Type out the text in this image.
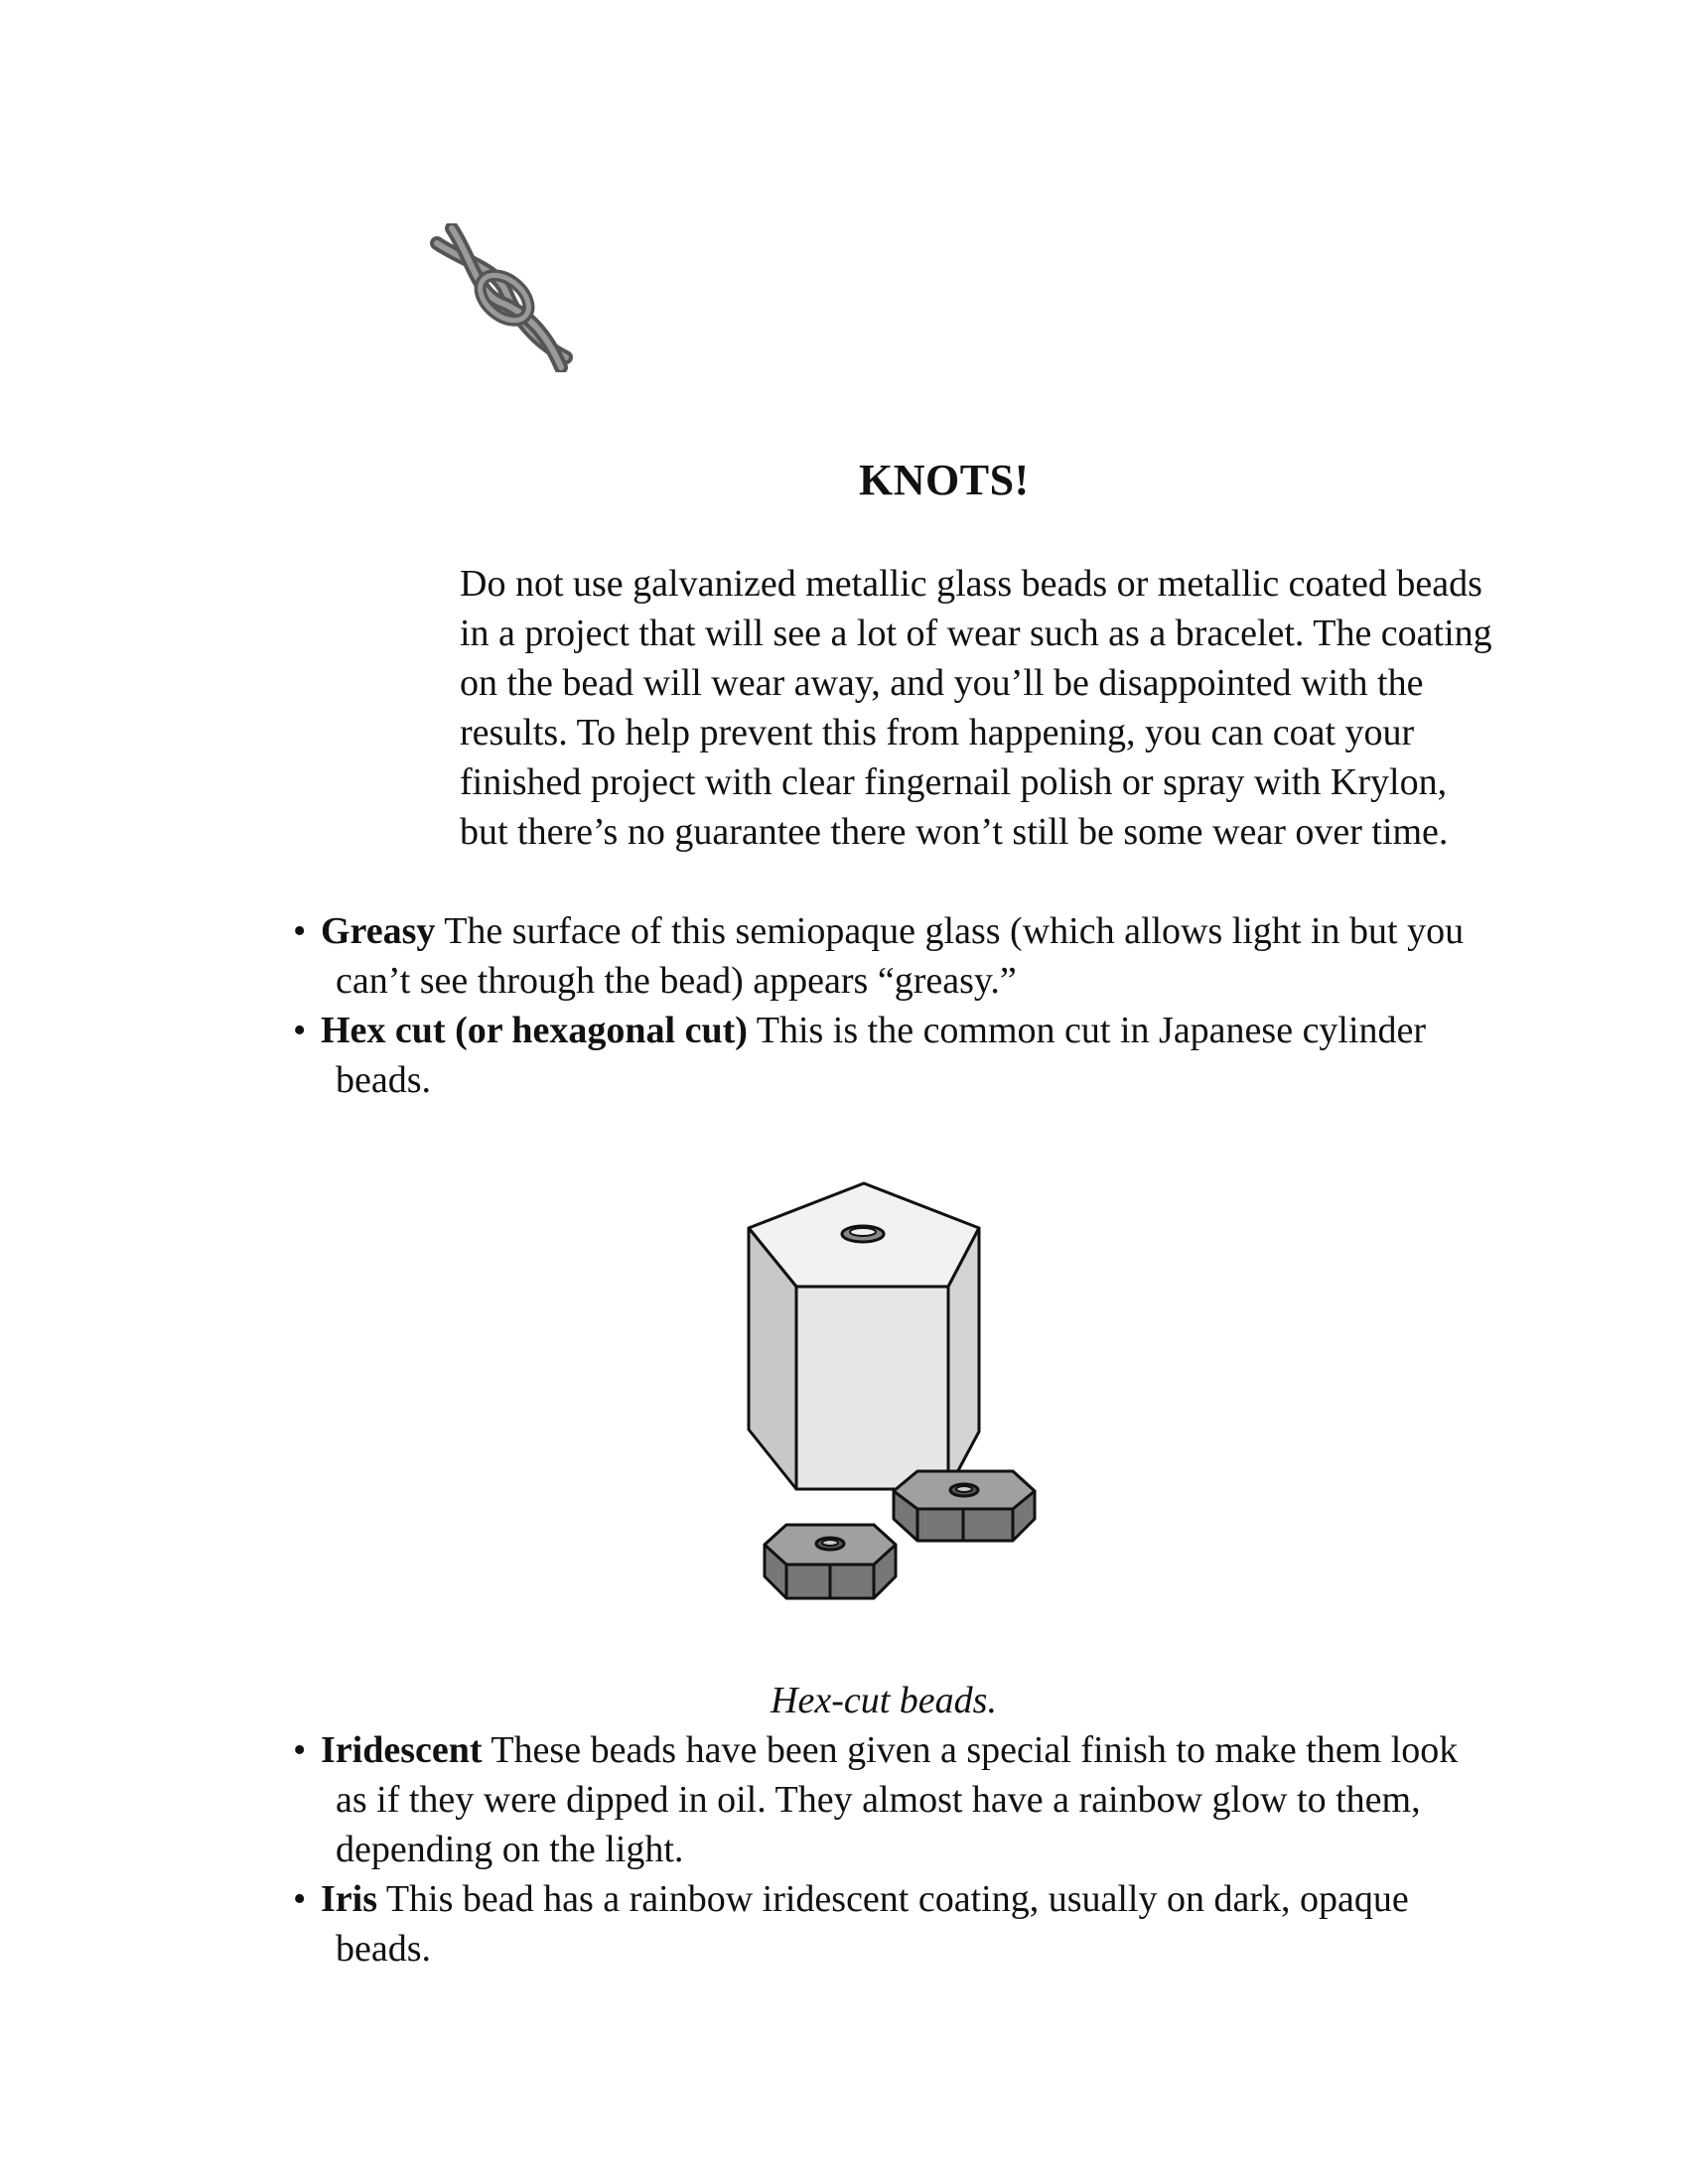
KNOTS!

Do not use galvanized metallic glass beads or metallic coated beads in a project that will see a lot of wear such as a bracelet. The coating on the bead will wear away, and you’ll be disappointed with the results. To help prevent this from happening, you can coat your finished project with clear fingernail polish or spray with Krylon, but there’s no guarantee there won’t still be some wear over time.

• Greasy The surface of this semiopaque glass (which allows light in but you can’t see through the bead) appears “greasy.”

• Hex cut (or hexagonal cut) This is the common cut in Japanese cylinder beads.

Hex-cut beads.

• Iridescent These beads have been given a special finish to make them look as if they were dipped in oil. They almost have a rainbow glow to them, depending on the light.

• Iris This bead has a rainbow iridescent coating, usually on dark, opaque beads.
